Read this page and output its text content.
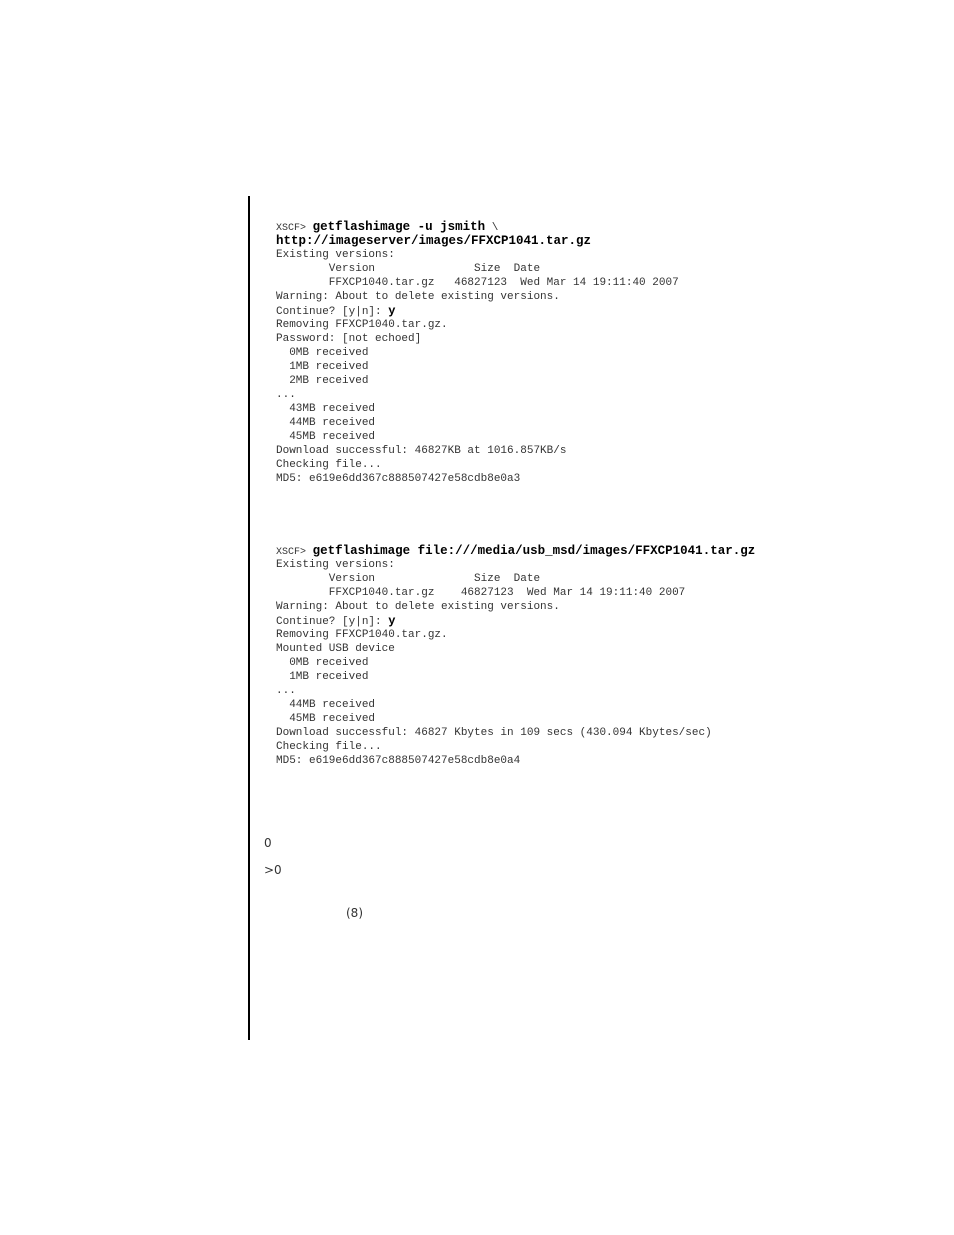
XSCF> getflashimage -u jsmith \
http://imageserver/images/FFXCP1041.tar.gz
Existing versions:
Version               Size  Date
FFXCP1040.tar.gz   46827123  Wed Mar 14 19:11:40 2007
Warning: About to delete existing versions.
Continue? [y|n]: y
Removing FFXCP1040.tar.gz.
Password: [not echoed]
0MB received
1MB received
2MB received
...
43MB received
44MB received
45MB received
Download successful: 46827KB at 1016.857KB/s
Checking file...
MD5: e619e6dd367c888507427e58cdb8e0a3
XSCF> getflashimage file:///media/usb_msd/images/FFXCP1041.tar.gz
Existing versions:
Version               Size  Date
FFXCP1040.tar.gz    46827123  Wed Mar 14 19:11:40 2007
Warning: About to delete existing versions.
Continue? [y|n]: y
Removing FFXCP1040.tar.gz.
Mounted USB device
0MB received
1MB received
...
44MB received
45MB received
Download successful: 46827 Kbytes in 109 secs (430.094 Kbytes/sec)
Checking file...
MD5: e619e6dd367c888507427e58cdb8e0a4
0
>0
(8)
